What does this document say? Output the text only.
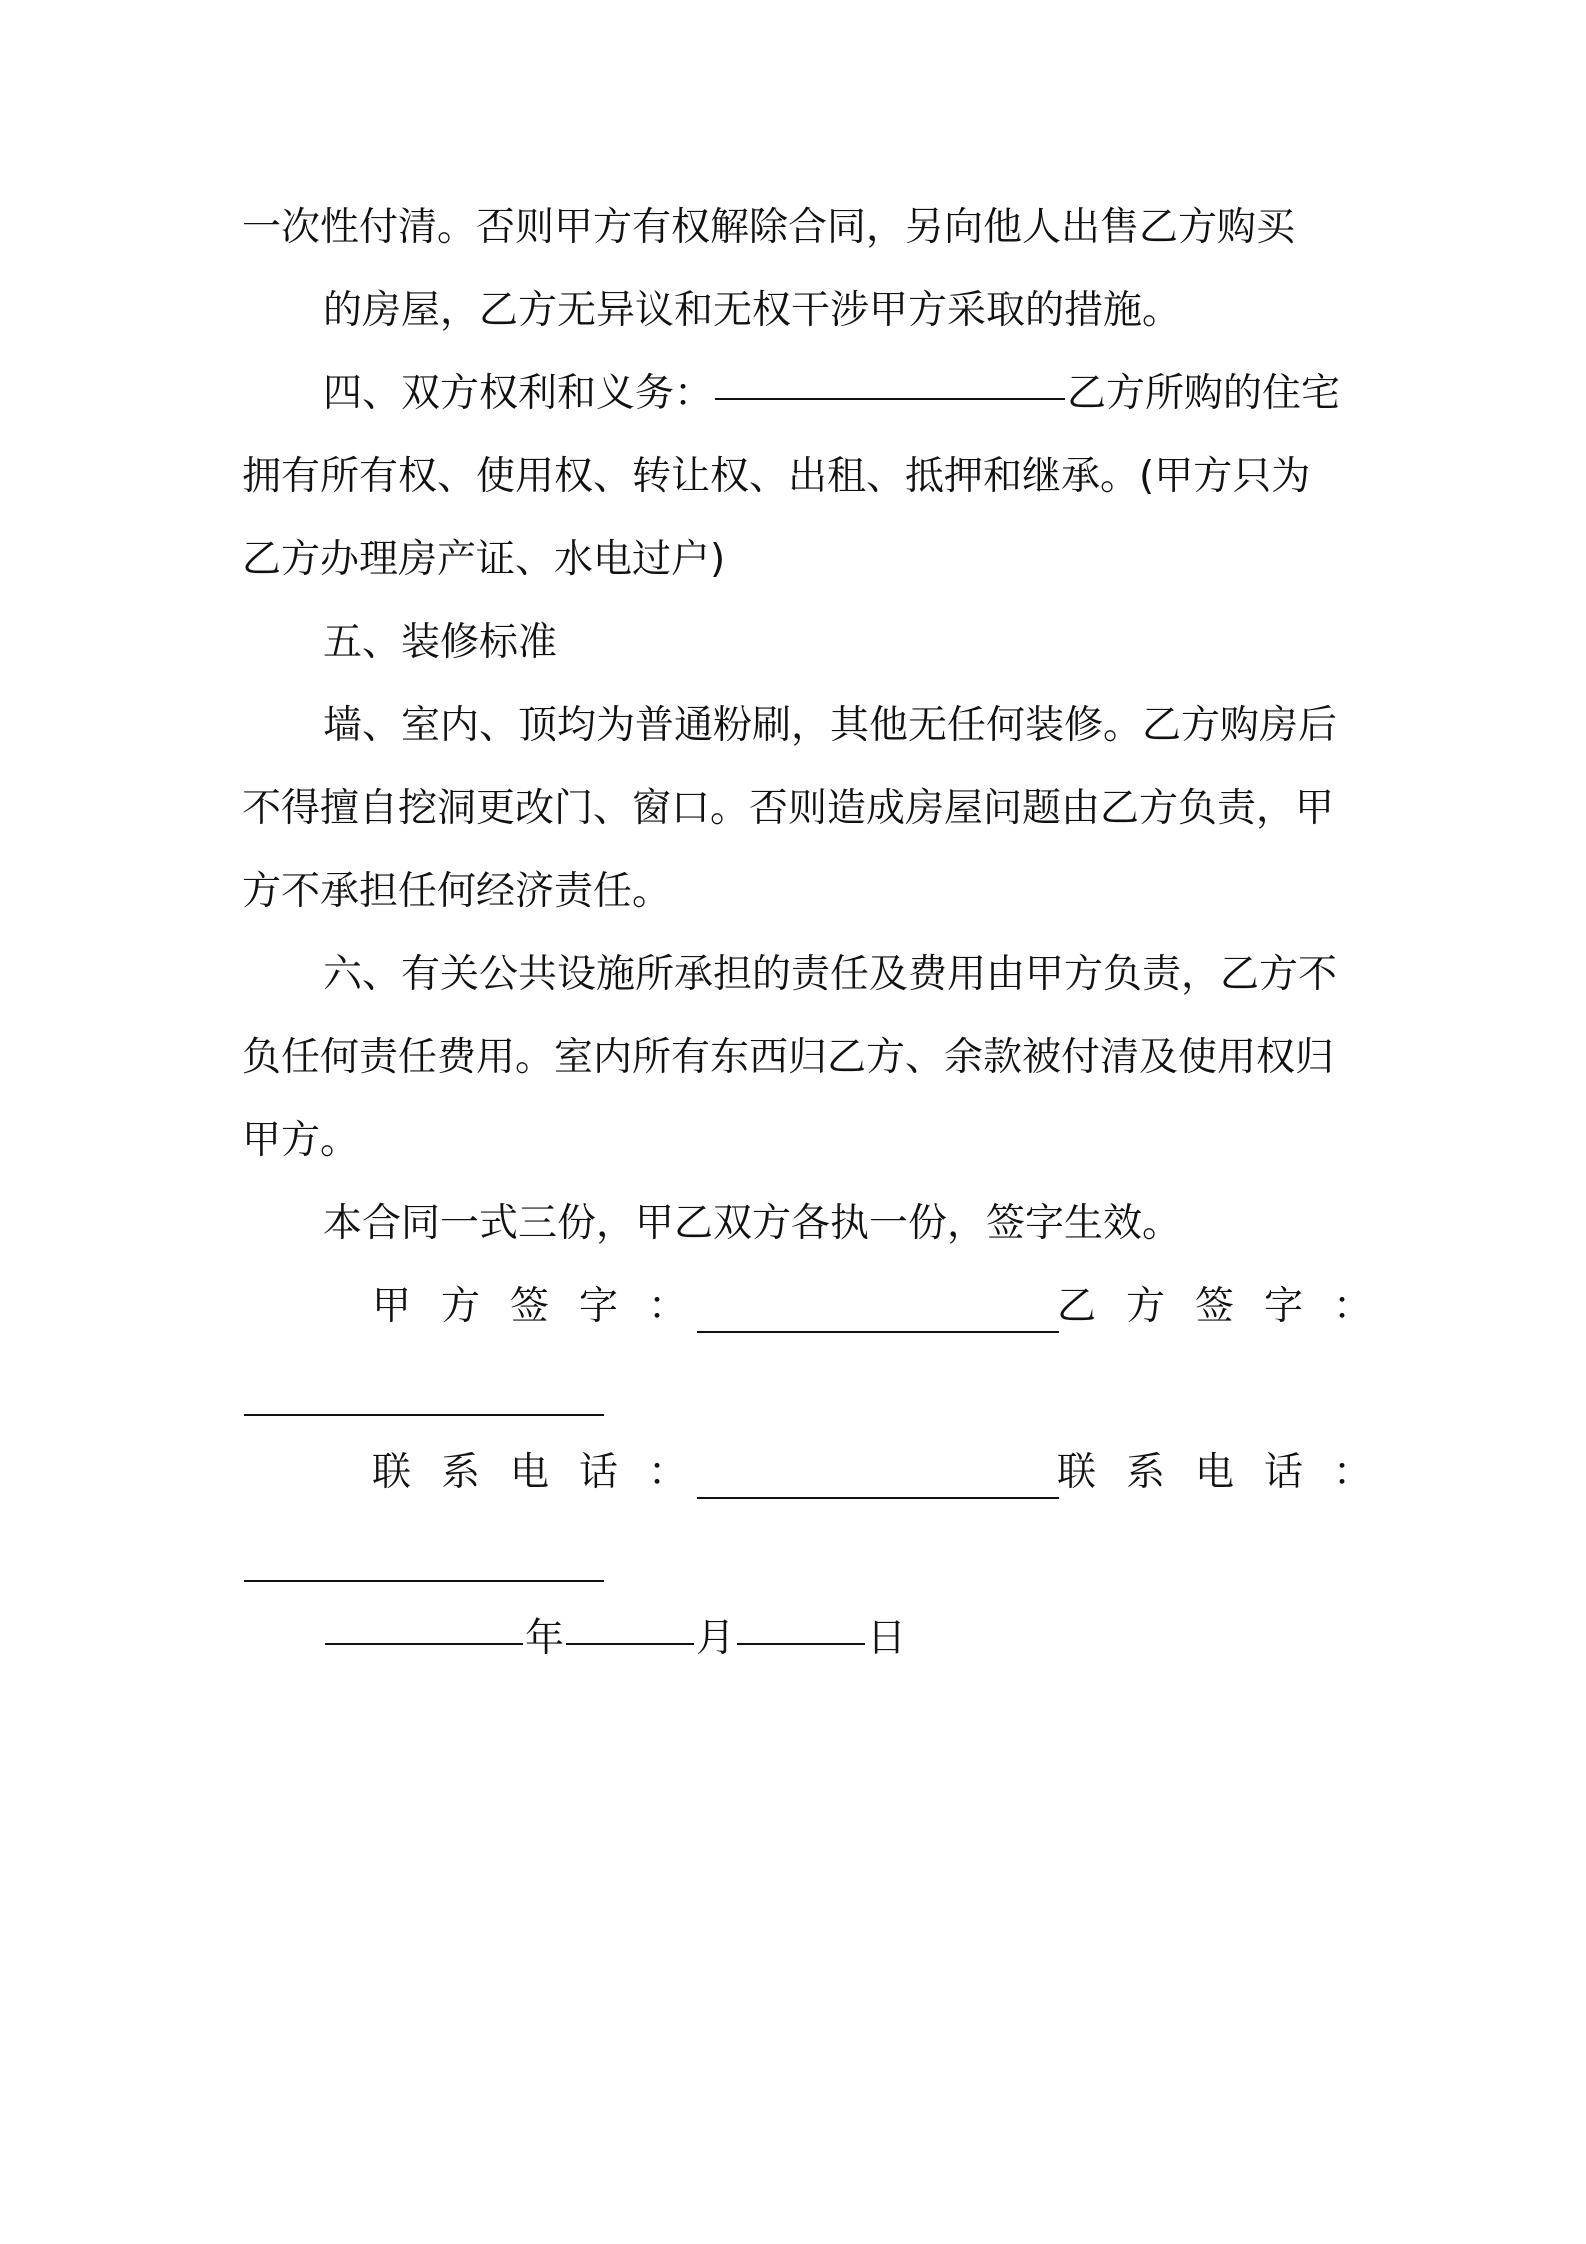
一次性付清。否则甲方有权解除合同，另向他人出售乙方购买
的房屋，乙方无异议和无权干涉甲方采取的措施。
四、双方权利和义务：	乙方所购的住宅
拥有所有权、使用权、转让权、出租、抵押和继承。(甲方只为
乙方办理房产证、水电过户)
五、装修标准
墙、室内、顶均为普通粉刷，其他无任何装修。乙方购房后
不得擅自挖洞更改门、窗口。否则造成房屋问题由乙方负责，甲
方不承担任何经济责任。
六、有关公共设施所承担的责任及费用由甲方负责，乙方不
负任何责任费用。室内所有东西归乙方、余款被付清及使用权归
甲方。
本合同一式三份，甲乙双方各执一份，签字生效。
甲方签字：	乙方签字：
联系电话：	联系电话：
年	月	日
